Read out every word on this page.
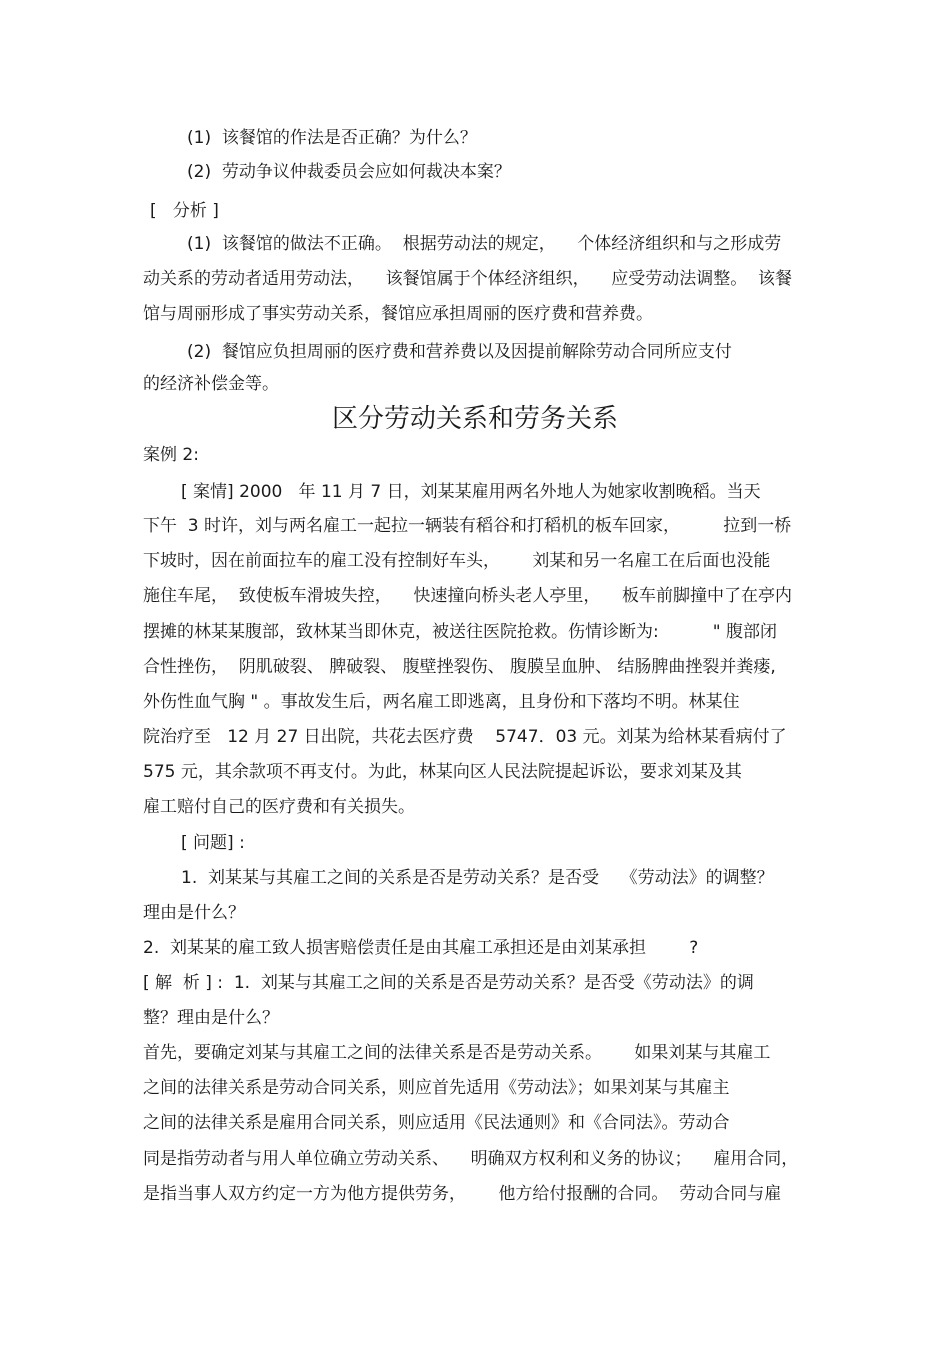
(1)  该餐馆的作法是否正确？为什么？

(2)  劳动争议仲裁委员会应如何裁决本案？

[   分析 ]

(1)  该餐馆的做法不正确。  根据劳动法的规定，    个体经济组织和与之形成劳

动关系的劳动者适用劳动法，    该餐馆属于个体经济组织，    应受劳动法调整。  该餐

馆与周丽形成了事实劳动关系，餐馆应承担周丽的医疗费和营养费。

(2)  餐馆应负担周丽的医疗费和营养费以及因提前解除劳动合同所应支付

的经济补偿金等。

区分劳动关系和劳务关系

案例 2:

[ 案情] 2000   年 11 月 7 日，刘某某雇用两名外地人为她家收割晚稻。当天

下午  3 时许，刘与两名雇工一起拉一辆装有稻谷和打稻机的板车回家，        拉到一桥

下坡时，因在前面拉车的雇工没有控制好车头，      刘某和另一名雇工在后面也没能

施住车尾，  致使板车滑坡失控，    快速撞向桥头老人亭里，    板车前脚撞中了在亭内

摆摊的林某某腹部，致林某当即休克，被送往医院抢救。伤情诊断为:          " 腹部闭

合性挫伤，  阴肌破裂、 脾破裂、 腹壁挫裂伤、 腹膜呈血肿、 结肠脾曲挫裂并粪瘘,

外伤性血气胸 " 。事故发生后，两名雇工即逃离，且身份和下落均不明。林某住

院治疗至   12 月 27 日出院，共花去医疗费    5747．03 元。刘某为给林某看病付了

575 元，其余款项不再支付。为此，林某向区人民法院提起诉讼，要求刘某及其

雇工赔付自己的医疗费和有关损失。

[ 问题] :

1.  刘某某与其雇工之间的关系是否是劳动关系？是否受    《劳动法》的调整？

理由是什么？

2.  刘某某的雇工致人损害赔偿责任是由其雇工承担还是由刘某承担        ?

[ 解  析 ] :  1.  刘某与其雇工之间的关系是否是劳动关系？是否受《劳动法》的调

整？理由是什么？

首先，要确定刘某与其雇工之间的法律关系是否是劳动关系。      如果刘某与其雇工

之间的法律关系是劳动合同关系，则应首先适用《劳动法》；如果刘某与其雇主

之间的法律关系是雇用合同关系，则应适用《民法通则》和《合同法》。劳动合

同是指劳动者与用人单位确立劳动关系、    明确双方权利和义务的协议；    雇用合同，

是指当事人双方约定一方为他方提供劳务，      他方给付报酬的合同。  劳动合同与雇
